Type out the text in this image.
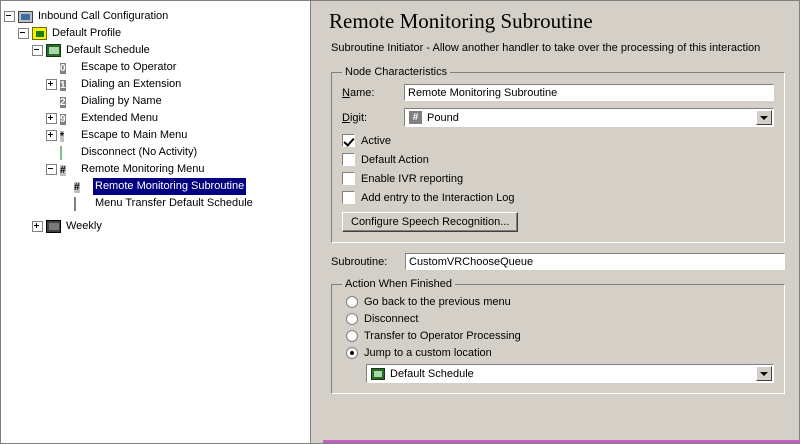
Inbound Call Configuration
Default Profile
Default Schedule
0	Escape to Operator
1	Dialing an Extension
2	Dialing by Name
9	Extended Menu
*	Escape to Main Menu
Disconnect (No Activity)
#	Remote Monitoring Menu
#	Remote Monitoring Subroutine
Menu Transfer Default Schedule
Weekly
Remote Monitoring Subroutine
Subroutine Initiator - Allow another handler to take over the processing of this interaction
Node Characteristics
Name:	Remote Monitoring Subroutine
Digit:	# Pound
Active
Default Action
Enable IVR reporting
Add entry to the Interaction Log
Configure Speech Recognition...
Subroutine:	CustomVRChooseQueue
Action When Finished
Go back to the previous menu
Disconnect
Transfer to Operator Processing
Jump to a custom location
Default Schedule
